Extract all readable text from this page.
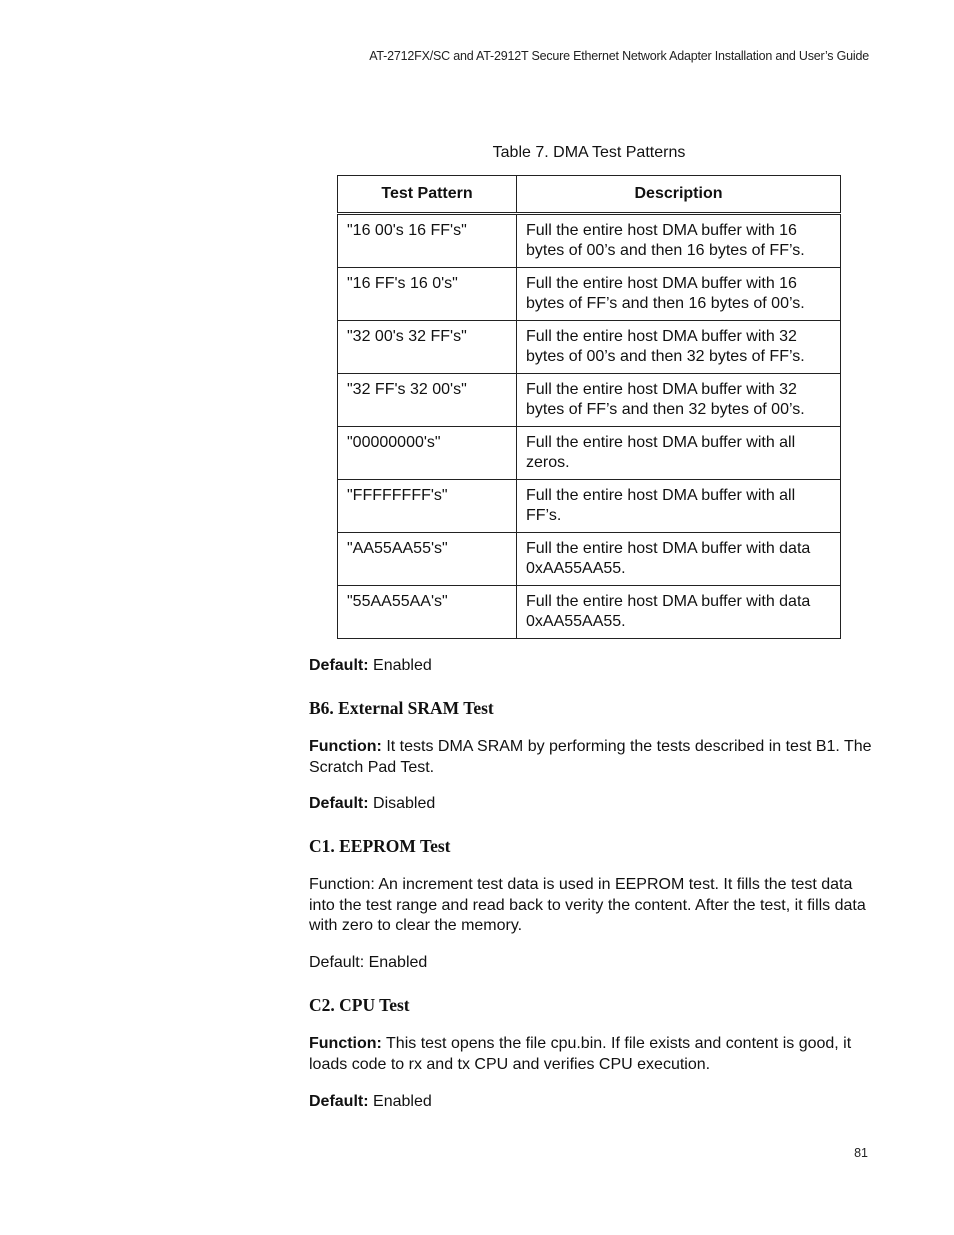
AT-2712FX/SC and AT-2912T Secure Ethernet Network Adapter Installation and User’s Guide
Table 7. DMA Test Patterns
Test Pattern	Description
"16 00's 16 FF's"	Full the entire host DMA buffer with 16 bytes of 00’s and then 16 bytes of FF’s.
"16 FF's 16 0's"	Full the entire host DMA buffer with 16 bytes of FF’s and then 16 bytes of 00’s.
"32 00's 32 FF's"	Full the entire host DMA buffer with 32 bytes of 00’s and then 32 bytes of FF’s.
"32 FF's 32 00's"	Full the entire host DMA buffer with 32 bytes of FF’s and then 32 bytes of 00’s.
"00000000's"	Full the entire host DMA buffer with all zeros.
"FFFFFFFF's"	Full the entire host DMA buffer with all FF’s.
"AA55AA55's"	Full the entire host DMA buffer with data 0xAA55AA55.
"55AA55AA's"	Full the entire host DMA buffer with data 0xAA55AA55.
Default: Enabled
B6. External SRAM Test
Function: It tests DMA SRAM by performing the tests described in test B1. The Scratch Pad Test.
Default: Disabled
C1. EEPROM Test
Function: An increment test data is used in EEPROM test. It fills the test data into the test range and read back to verity the content. After the test, it fills data with zero to clear the memory.
Default: Enabled
C2. CPU Test
Function: This test opens the file cpu.bin. If file exists and content is good, it loads code to rx and tx CPU and verifies CPU execution.
Default: Enabled
81
